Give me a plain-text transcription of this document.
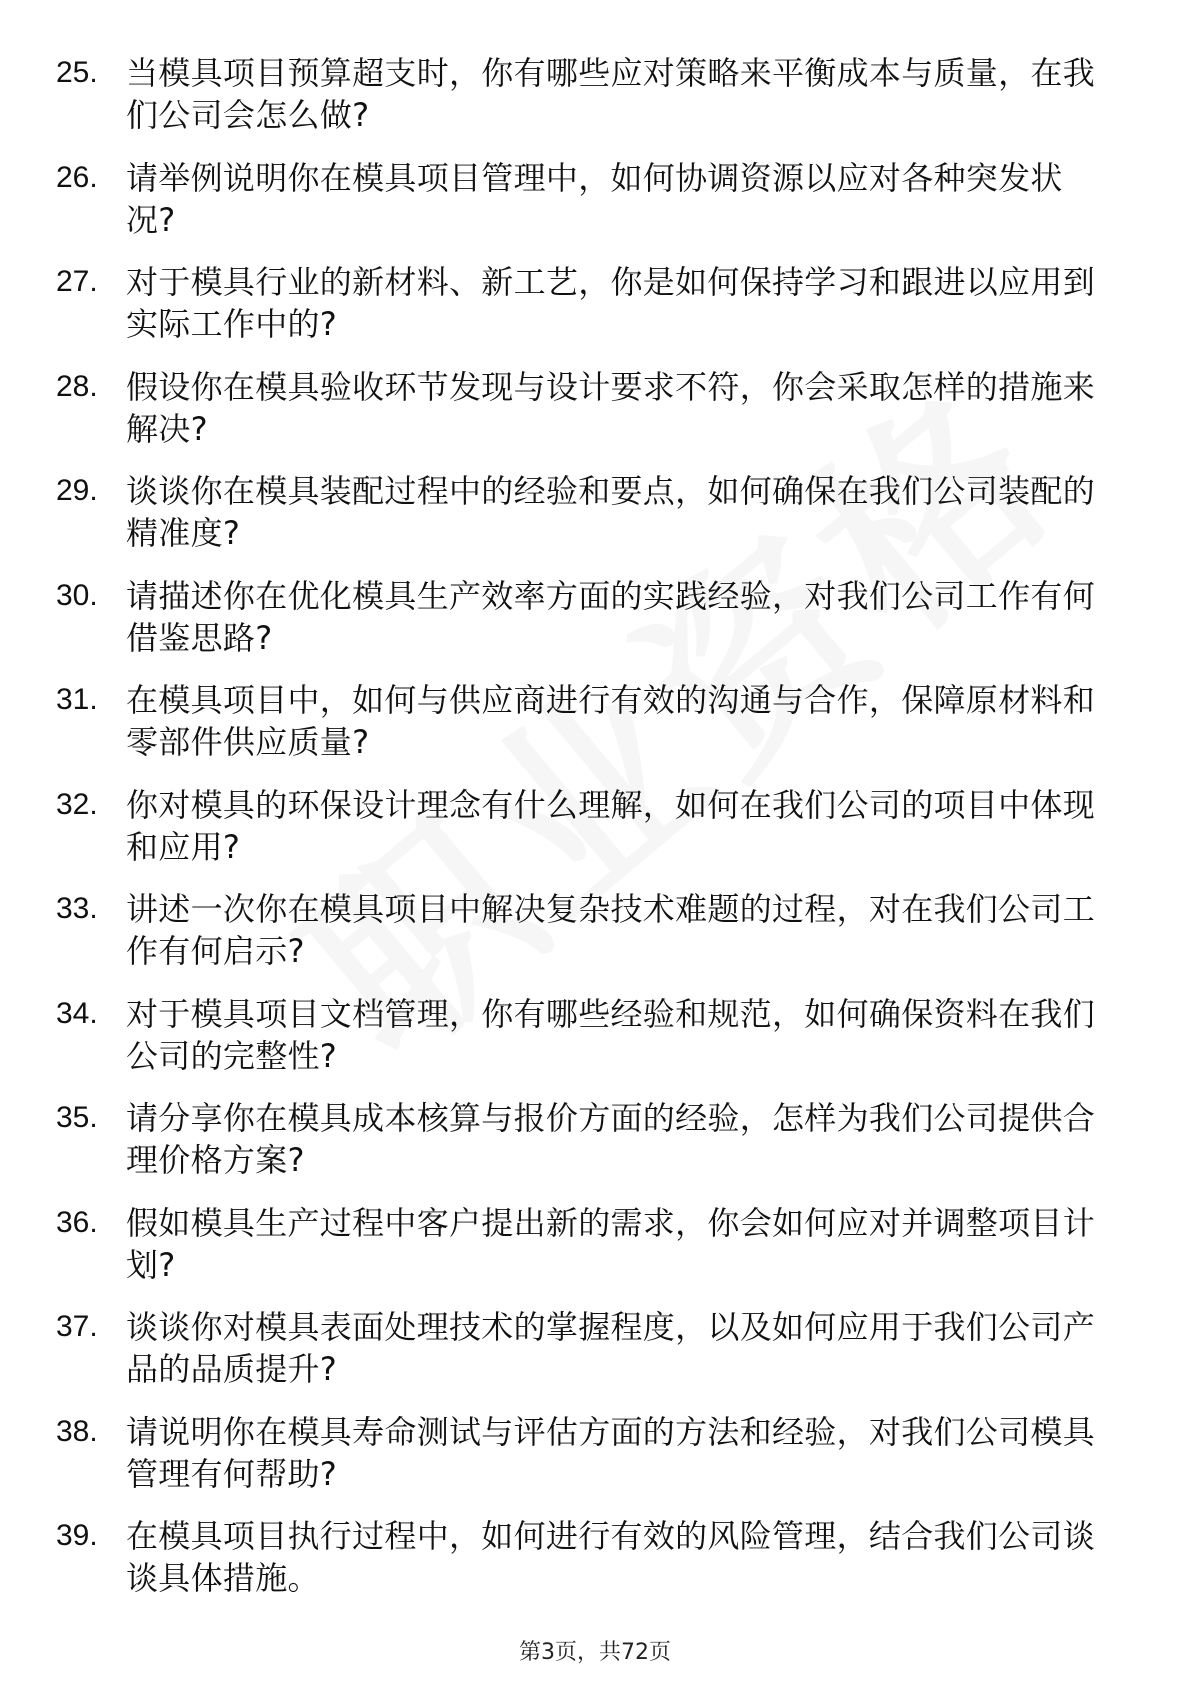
25. 当模具项目预算超支时，你有哪些应对策略来平衡成本与质量，在我们公司会怎么做?
26. 请举例说明你在模具项目管理中，如何协调资源以应对各种突发状况?
27. 对于模具行业的新材料、新工艺，你是如何保持学习和跟进以应用到实际工作中的?
28. 假设你在模具验收环节发现与设计要求不符，你会采取怎样的措施来解决?
29. 谈谈你在模具装配过程中的经验和要点，如何确保在我们公司装配的精准度?
30. 请描述你在优化模具生产效率方面的实践经验，对我们公司工作有何借鉴思路?
31. 在模具项目中，如何与供应商进行有效的沟通与合作，保障原材料和零部件供应质量?
32. 你对模具的环保设计理念有什么理解，如何在我们公司的项目中体现和应用?
33. 讲述一次你在模具项目中解决复杂技术难题的过程，对在我们公司工作有何启示?
34. 对于模具项目文档管理，你有哪些经验和规范，如何确保资料在我们公司的完整性?
35. 请分享你在模具成本核算与报价方面的经验，怎样为我们公司提供合理价格方案?
36. 假如模具生产过程中客户提出新的需求，你会如何应对并调整项目计划?
37. 谈谈你对模具表面处理技术的掌握程度，以及如何应用于我们公司产品的品质提升?
38. 请说明你在模具寿命测试与评估方面的方法和经验，对我们公司模具管理有何帮助?
39. 在模具项目执行过程中，如何进行有效的风险管理，结合我们公司谈谈具体措施。
第3页，共72页
